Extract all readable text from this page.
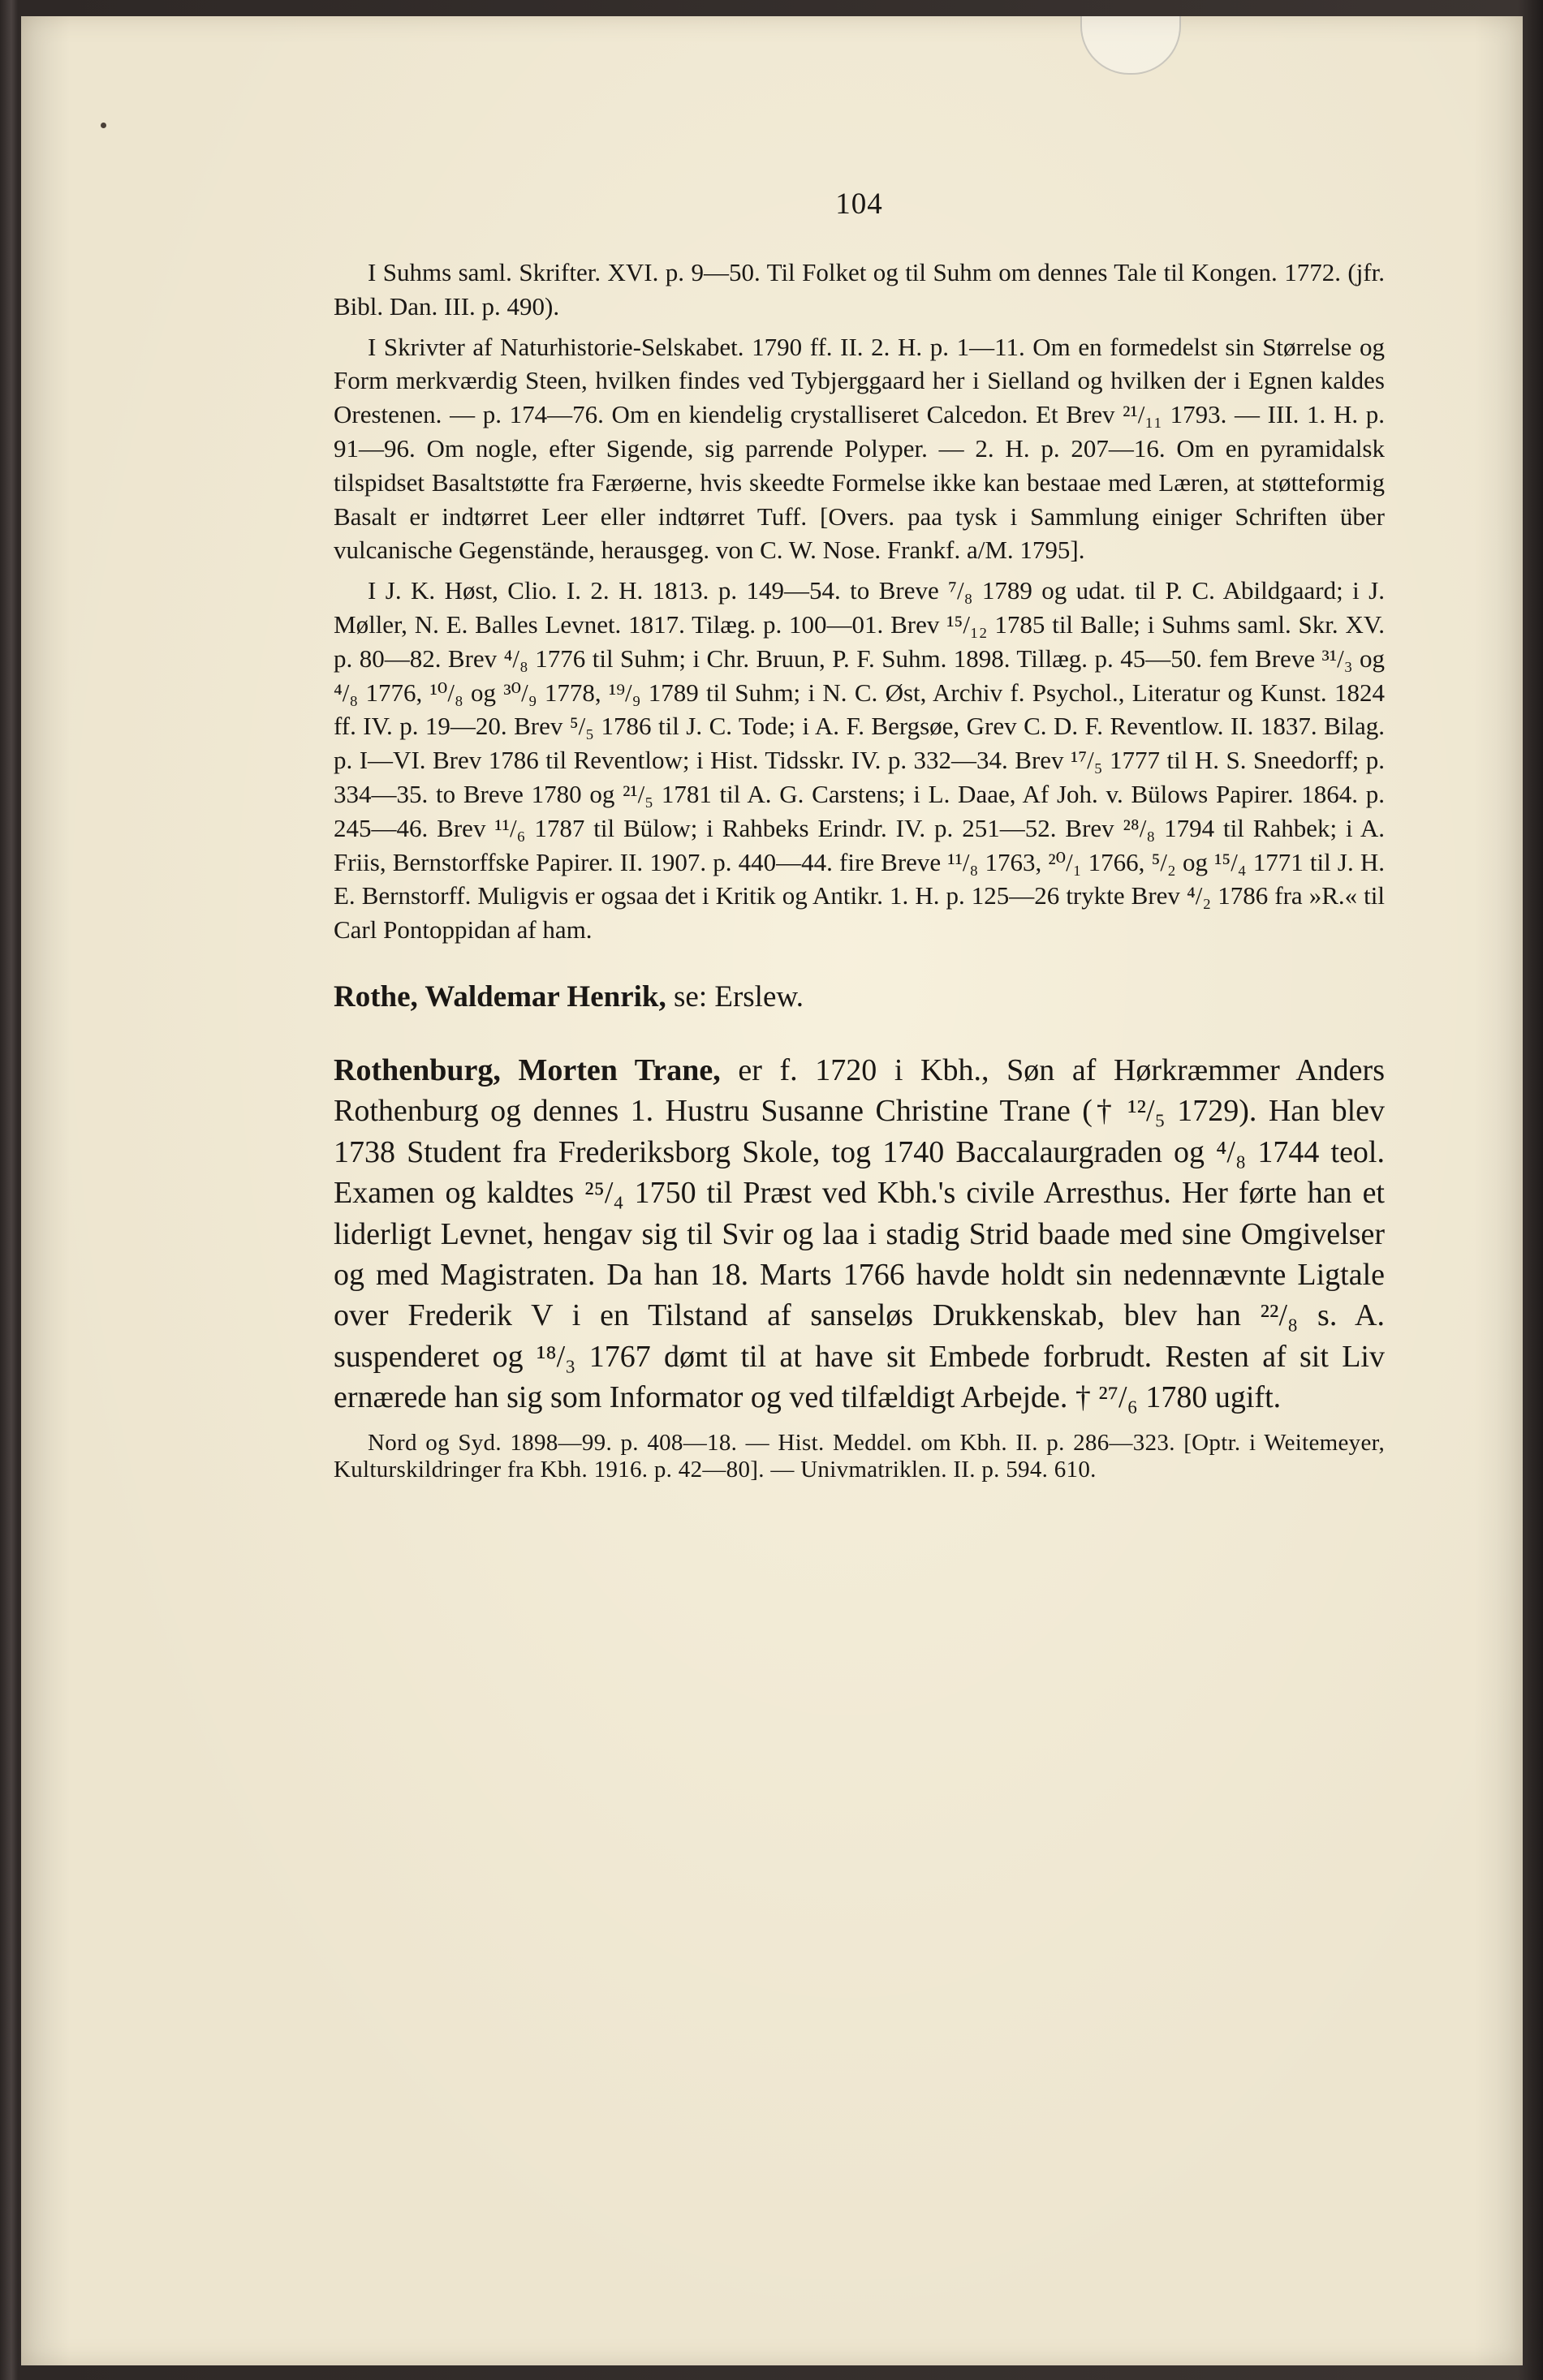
104

I Suhms saml. Skrifter. XVI. p. 9—50. Til Folket og til Suhm om dennes Tale til Kongen. 1772. (jfr. Bibl. Dan. III. p. 490).

I Skrivter af Naturhistorie-Selskabet. 1790 ff. II. 2. H. p. 1—11. Om en formedelst sin Størrelse og Form merkværdig Steen, hvilken findes ved Tybjerggaard her i Sielland og hvilken der i Egnen kaldes Orestenen. — p. 174—76. Om en kiendelig crystalliseret Calcedon. Et Brev ²¹/₁₁ 1793. — III. 1. H. p. 91—96. Om nogle, efter Sigende, sig parrende Polyper. — 2. H. p. 207—16. Om en pyramidalsk tilspidset Basaltstøtte fra Færøerne, hvis skeedte Formelse ikke kan bestaae med Læren, at støtteformig Basalt er indtørret Leer eller indtørret Tuff. [Overs. paa tysk i Sammlung einiger Schriften über vulcanische Gegenstände, herausgeg. von C. W. Nose. Frankf. a/M. 1795].

I J. K. Høst, Clio. I. 2. H. 1813. p. 149—54. to Breve ⁷/₈ 1789 og udat. til P. C. Abildgaard; i J. Møller, N. E. Balles Levnet. 1817. Tilæg. p. 100—01. Brev ¹⁵/₁₂ 1785 til Balle; i Suhms saml. Skr. XV. p. 80—82. Brev ⁴/₈ 1776 til Suhm; i Chr. Bruun, P. F. Suhm. 1898. Tillæg. p. 45—50. fem Breve ³¹/₃ og ⁴/₈ 1776, ¹⁰/₈ og ³⁰/₉ 1778, ¹⁹/₉ 1789 til Suhm; i N. C. Øst, Archiv f. Psychol., Literatur og Kunst. 1824 ff. IV. p. 19—20. Brev ⁵/₅ 1786 til J. C. Tode; i A. F. Bergsøe, Grev C. D. F. Reventlow. II. 1837. Bilag. p. I—VI. Brev 1786 til Reventlow; i Hist. Tidsskr. IV. p. 332—34. Brev ¹⁷/₅ 1777 til H. S. Sneedorff; p. 334—35. to Breve 1780 og ²¹/₅ 1781 til A. G. Carstens; i L. Daae, Af Joh. v. Bülows Papirer. 1864. p. 245—46. Brev ¹¹/₆ 1787 til Bülow; i Rahbeks Erindr. IV. p. 251—52. Brev ²⁸/₈ 1794 til Rahbek; i A. Friis, Bernstorffske Papirer. II. 1907. p. 440—44. fire Breve ¹¹/₈ 1763, ²⁰/₁ 1766, ⁵/₂ og ¹⁵/₄ 1771 til J. H. E. Bernstorff. Muligvis er ogsaa det i Kritik og Antikr. 1. H. p. 125—26 trykte Brev ⁴/₂ 1786 fra »R.« til Carl Pontoppidan af ham.

Rothe, Waldemar Henrik, se: Erslew.

Rothenburg, Morten Trane, er f. 1720 i Kbh., Søn af Hørkræmmer Anders Rothenburg og dennes 1. Hustru Susanne Christine Trane († ¹²/₅ 1729). Han blev 1738 Student fra Frederiksborg Skole, tog 1740 Baccalaurgraden og ⁴/₈ 1744 teol. Examen og kaldtes ²⁵/₄ 1750 til Præst ved Kbh.'s civile Arresthus. Her førte han et liderligt Levnet, hengav sig til Svir og laa i stadig Strid baade med sine Omgivelser og med Magistraten. Da han 18. Marts 1766 havde holdt sin nedennævnte Ligtale over Frederik V i en Tilstand af sanseløs Drukkenskab, blev han ²²/₈ s. A. suspenderet og ¹⁸/₃ 1767 dømt til at have sit Embede forbrudt. Resten af sit Liv ernærede han sig som Informator og ved tilfældigt Arbejde. † ²⁷/₆ 1780 ugift.

Nord og Syd. 1898—99. p. 408—18. — Hist. Meddel. om Kbh. II. p. 286—323. [Optr. i Weitemeyer, Kulturskildringer fra Kbh. 1916. p. 42—80]. — Univmatriklen. II. p. 594. 610.
